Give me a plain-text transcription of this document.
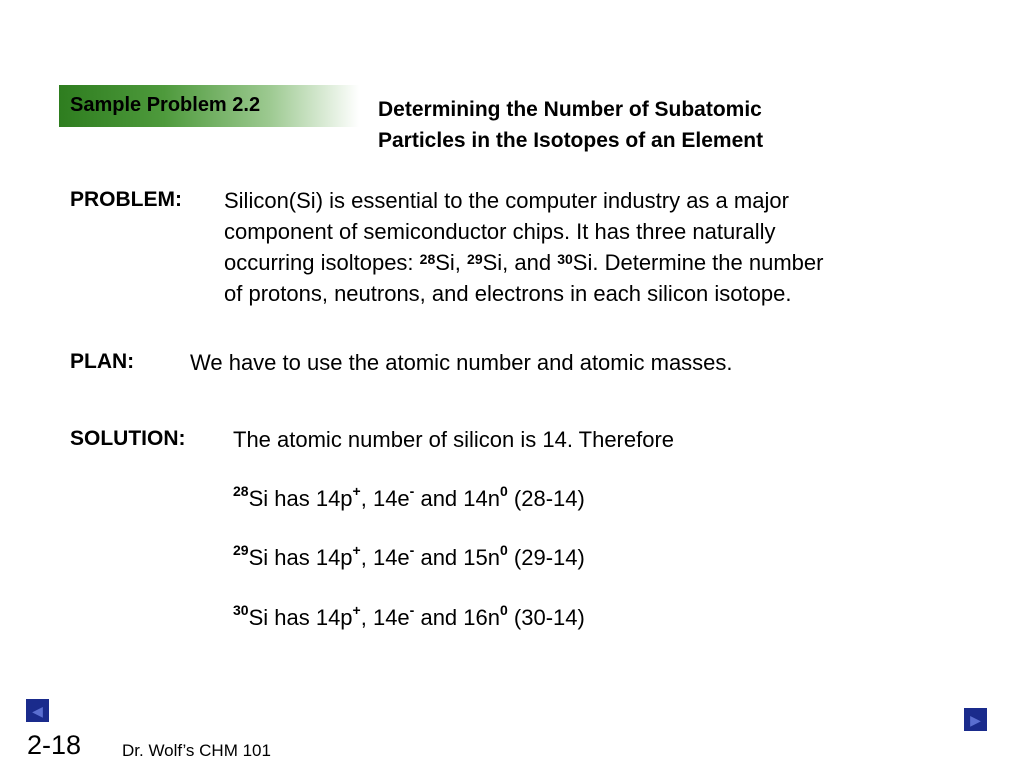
Sample Problem 2.2	Determining the Number of Subatomic
Particles in the Isotopes of an Element
PROBLEM: Silicon(Si) is essential to the computer industry as a major
component of semiconductor chips. It has three naturally
occurring isoltopes: $^{28}$Si, $^{29}$Si, and $^{30}$Si. Determine the number
of protons, neutrons, and electrons in each silicon isotope.
PLAN:	We have to use the atomic number and atomic masses.
SOLUTION: The atomic number of silicon is 14. Therefore
$^{28}$Si has 14p+, 14e- and $14n^0$ (28-14)
$^{29}$Si has 14p+, 14e- and $15n^0$ (29-14)
$^{30}$Si has 14p+, 14e- and $16n^0$ (30-14)
◀
▶
2-18 Dr. Wolf’s CHM 101
